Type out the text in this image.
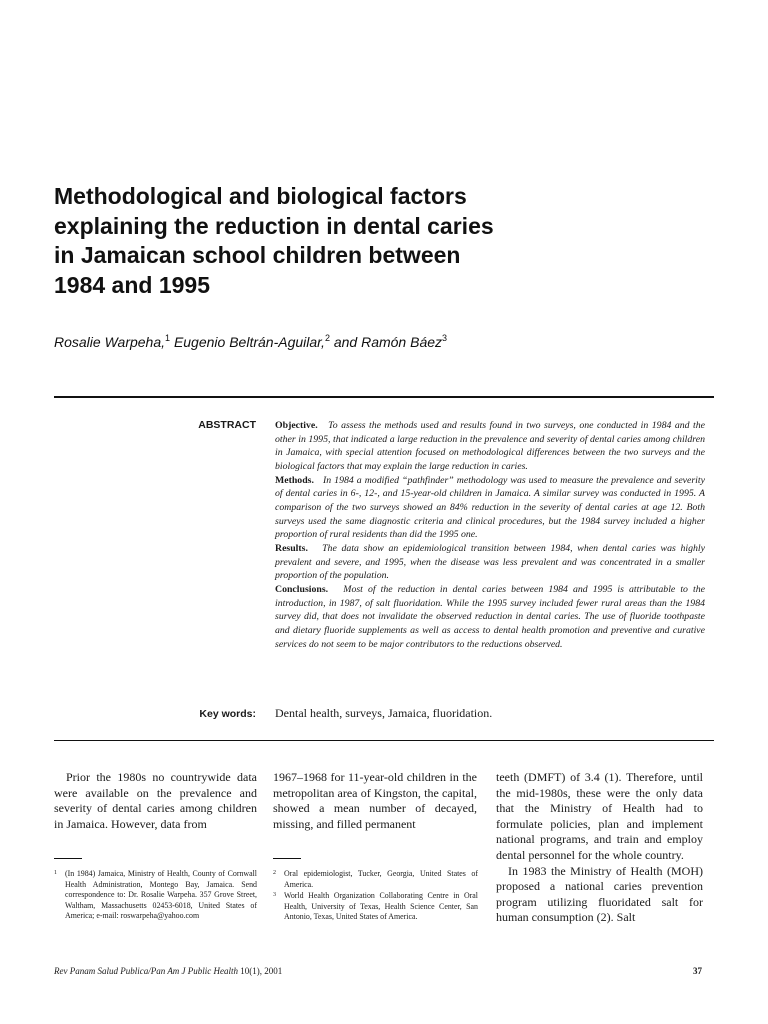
Methodological and biological factors
explaining the reduction in dental caries
in Jamaican school children between
1984 and 1995
Rosalie Warpeha,$^1$ Eugenio Beltrán-Aguilar,$^2$ and Ramón Báez$^3$
ABSTRACT Objective. To assess the methods used and results found in two surveys, one conducted in 1984 and the other in 1995, that indicated a large reduction in the prevalence and severity of dental caries among children in Jamaica, with special attention focused on methodological differences between the two surveys and the biological factors that may explain the large reduction in caries.

Methods. In 1984 a modified “pathfinder” methodology was used to measure the prevalence and severity of dental caries in 6-, 12-, and 15-year-old children in Jamaica. A similar survey was conducted in 1995. A comparison of the two surveys showed an 84% reduction in the severity of dental caries at age 12. Both surveys used the same diagnostic criteria and clinical procedures, but the 1984 survey included a higher proportion of rural residents than did the 1995 one.

Results. The data show an epidemiological transition between 1984, when dental caries was highly prevalent and severe, and 1995, when the disease was less prevalent and was concentrated in a smaller proportion of the population.

Conclusions. Most of the reduction in dental caries between 1984 and 1995 is attributable to the introduction, in 1987, of salt fluoridation. While the 1995 survey included fewer rural areas than the 1984 survey did, that does not invalidate the observed reduction in dental caries. The use of fluoride toothpaste and dietary fluoride supplements as well as access to dental health promotion and preventive and curative services do not seem to be major contributors to the reductions observed.

Key words: Dental health, surveys, Jamaica, fluoridation.

Prior the 1980s no countrywide data were available on the prevalence and severity of dental caries among children in Jamaica. However, data from

1967–1968 for 11-year-old children in the metropolitan area of Kingston, the capital, showed a mean number of decayed, missing, and filled permanent

teeth (DMFT) of 3.4 (1). Therefore, until the mid-1980s, these were the only data that the Ministry of Health had to formulate policies, plan and implement national programs, and train and employ dental personnel for the whole country.

In 1983 the Ministry of Health (MOH) proposed a national caries prevention program utilizing fluoridated salt for human consumption (2). Salt

1 (In 1984) Jamaica, Ministry of Health, County of Cornwall Health Administration, Montego Bay, Jamaica. Send correspondence to: Dr. Rosalie Warpeha. 357 Grove Street, Waltham, Massachusetts 02453-6018, United States of America; e-mail: roswarpeha@yahoo.com

2 Oral epidemiologist, Tucker, Georgia, United States of America.

3 World Health Organization Collaborating Centre in Oral Health, University of Texas, Health Science Center, San Antonio, Texas, United States of America.

Rev Panam Salud Publica/Pan Am J Public Health 10(1), 2001	37
